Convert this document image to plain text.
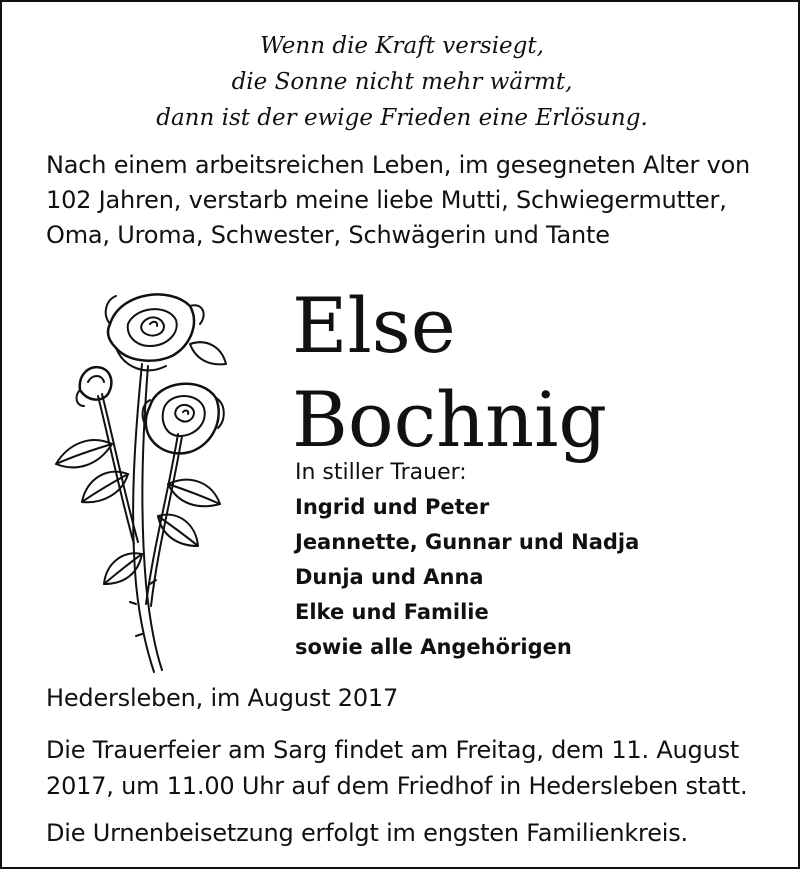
Wenn die Kraft versiegt,
die Sonne nicht mehr wärmt,
dann ist der ewige Frieden eine Erlösung.
Nach einem arbeitsreichen Leben, im gesegneten Alter von
102 Jahren, verstarb meine liebe Mutti, Schwiegermutter,
Oma, Uroma, Schwester, Schwägerin und Tante
Else
Bochnig
In stiller Trauer:
Ingrid und Peter
Jeannette, Gunnar und Nadja
Dunja und Anna
Elke und Familie
sowie alle Angehörigen
Hedersleben, im August 2017
Die Trauerfeier am Sarg findet am Freitag, dem 11. August
2017, um 11.00 Uhr auf dem Friedhof in Hedersleben statt.
Die Urnenbeisetzung erfolgt im engsten Familienkreis.
